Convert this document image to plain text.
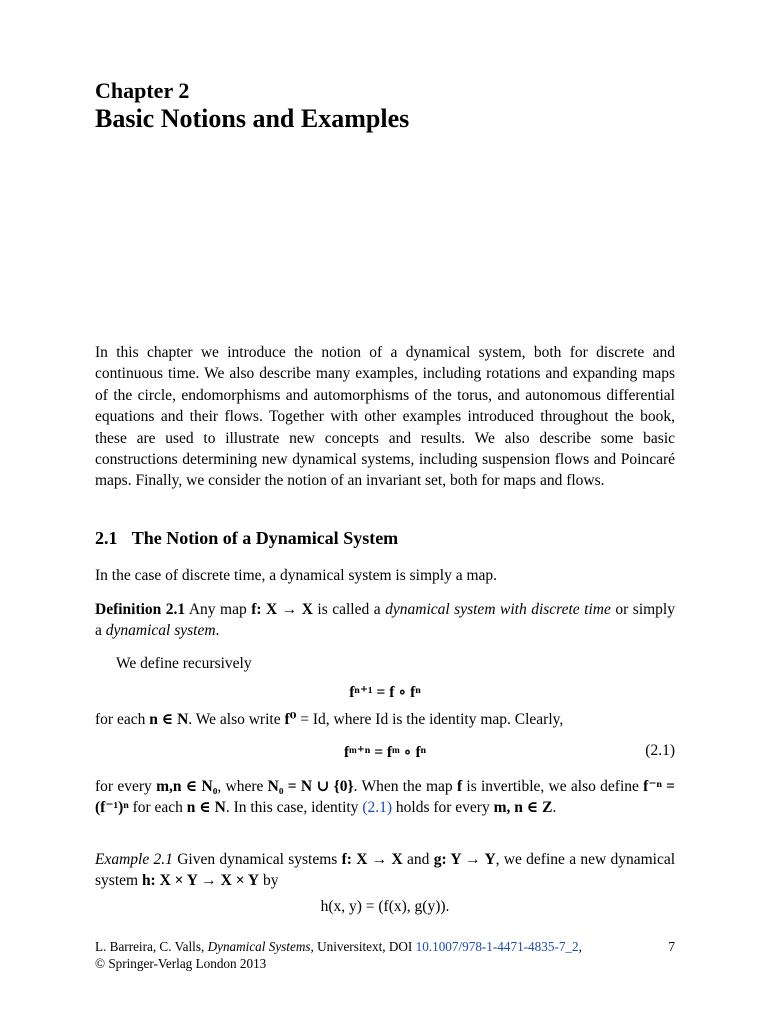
Chapter 2
Basic Notions and Examples
In this chapter we introduce the notion of a dynamical system, both for discrete and continuous time. We also describe many examples, including rotations and expanding maps of the circle, endomorphisms and automorphisms of the torus, and autonomous differential equations and their flows. Together with other examples introduced throughout the book, these are used to illustrate new concepts and results. We also describe some basic constructions determining new dynamical systems, including suspension flows and Poincaré maps. Finally, we consider the notion of an invariant set, both for maps and flows.
2.1 The Notion of a Dynamical System
In the case of discrete time, a dynamical system is simply a map.
Definition 2.1 Any map f: X → X is called a dynamical system with discrete time or simply a dynamical system.
We define recursively
fⁿ⁺¹ = f ∘ fⁿ
for each n ∈ N. We also write f⁰ = Id, where Id is the identity map. Clearly,
fᵐ⁺ⁿ = fᵐ ∘ fⁿ	(2.1)
for every m,n ∈ N₀, where N₀ = N ∪ {0}. When the map f is invertible, we also define f⁻ⁿ = (f⁻¹)ⁿ for each n ∈ N. In this case, identity (2.1) holds for every m, n ∈ Z.
Example 2.1 Given dynamical systems f: X → X and g: Y → Y, we define a new dynamical system h: X × Y → X × Y by
h(x, y) = (f(x), g(y)).
L. Barreira, C. Valls, Dynamical Systems, Universitext, DOI 10.1007/978-1-4471-4835-7_2,
© Springer-Verlag London 2013
7
